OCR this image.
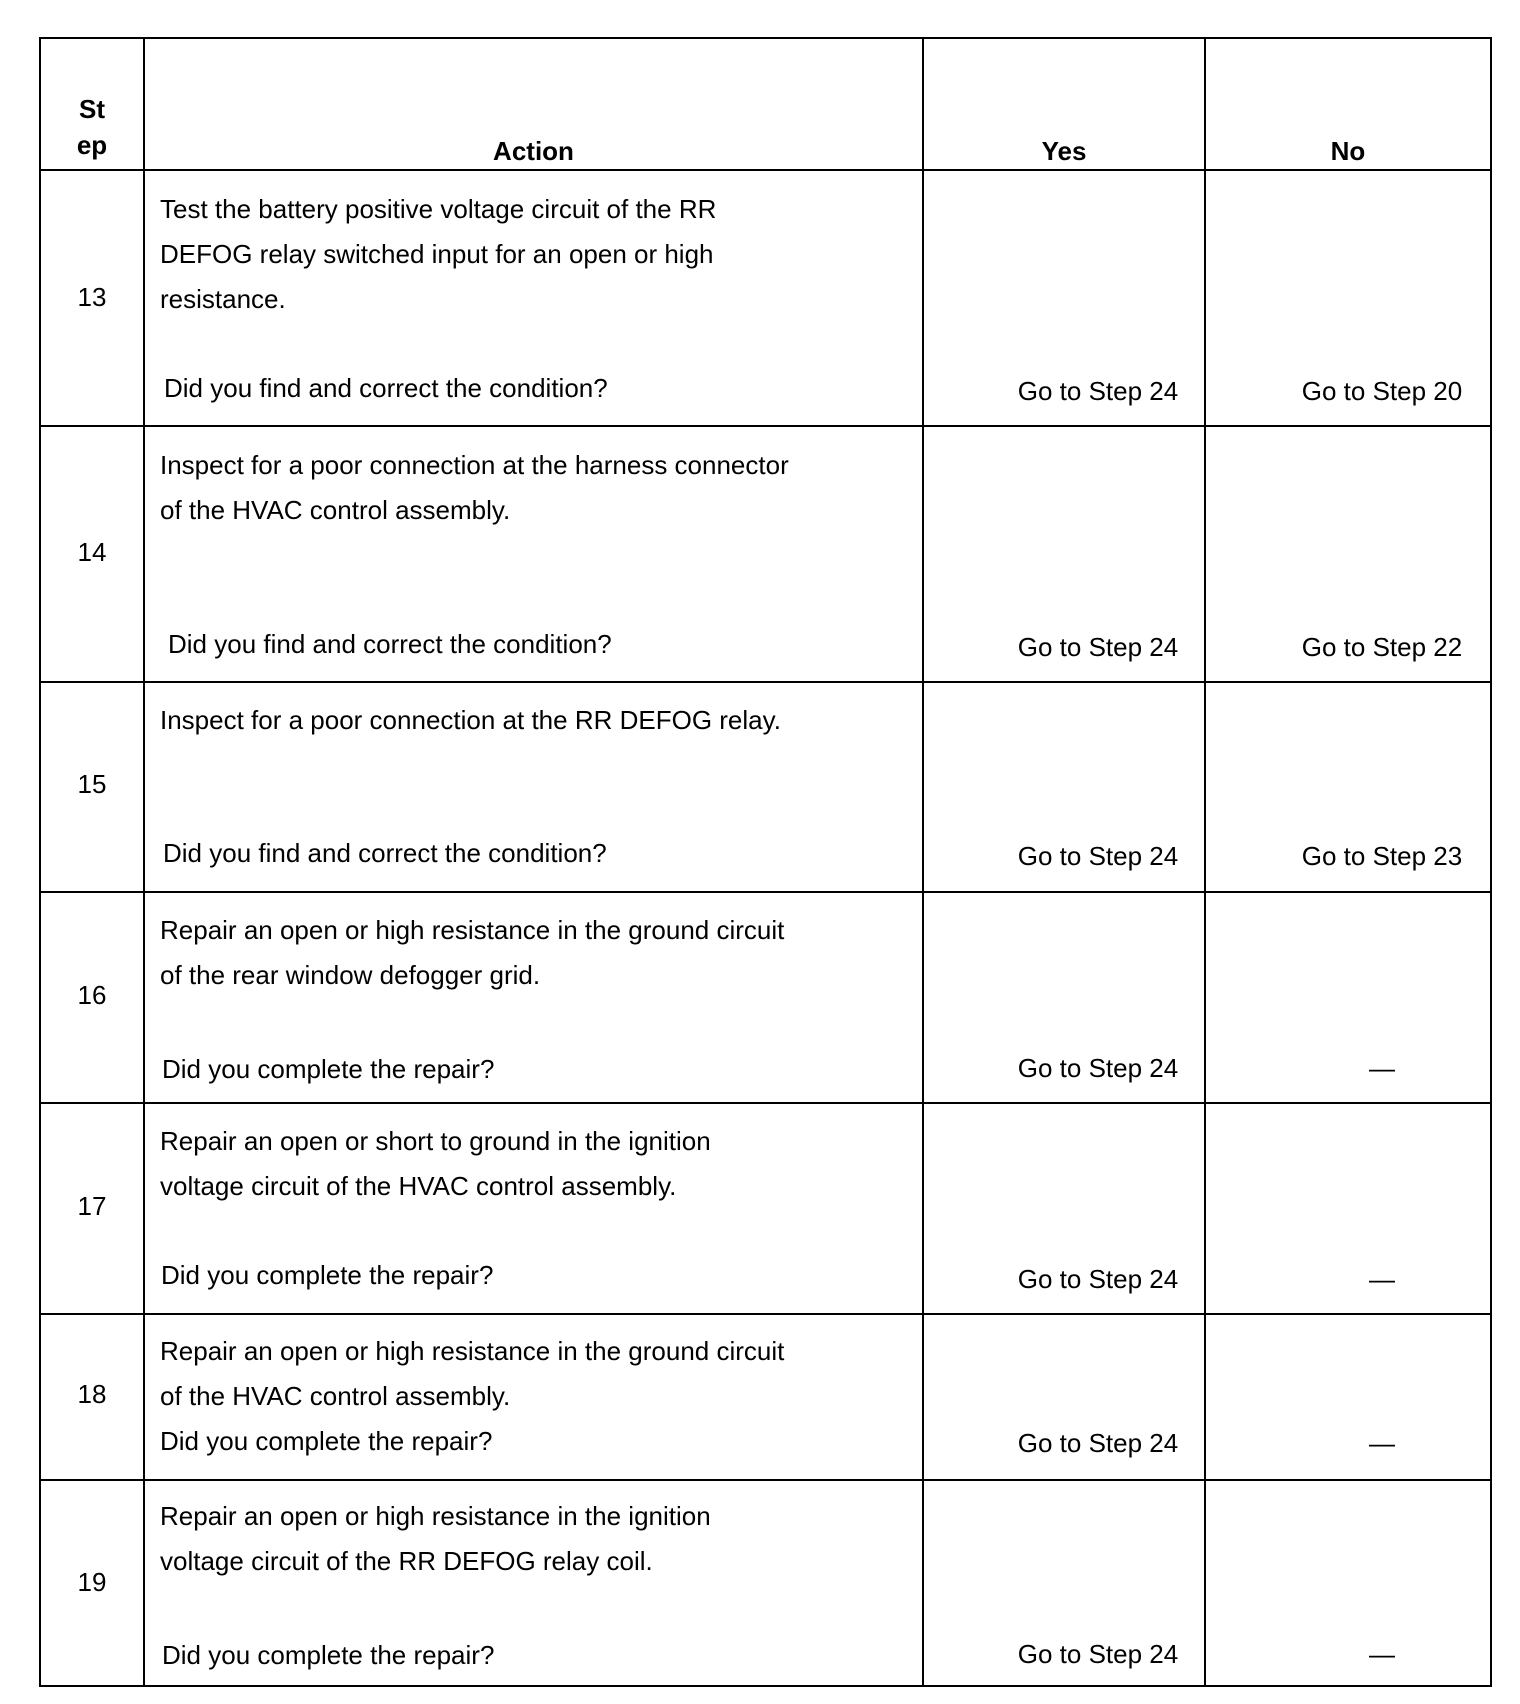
St
ep	Action	Yes	No
13
Test the battery positive voltage circuit of the RR
DEFOG relay switched input for an open or high
resistance.
Did you find and correct the condition?	Go to Step 24	Go to Step 20
14
Inspect for a poor connection at the harness connector
of the HVAC control assembly.
Did you find and correct the condition?	Go to Step 24	Go to Step 22
15
Inspect for a poor connection at the RR DEFOG relay.
Did you find and correct the condition?	Go to Step 24	Go to Step 23
16
Repair an open or high resistance in the ground circuit
of the rear window defogger grid.
Did you complete the repair?	Go to Step 24	—
17
Repair an open or short to ground in the ignition
voltage circuit of the HVAC control assembly.
Did you complete the repair?	Go to Step 24	—
18
Repair an open or high resistance in the ground circuit
of the HVAC control assembly.
Did you complete the repair?	Go to Step 24	—
19
Repair an open or high resistance in the ignition
voltage circuit of the RR DEFOG relay coil.
Did you complete the repair?	Go to Step 24	—
